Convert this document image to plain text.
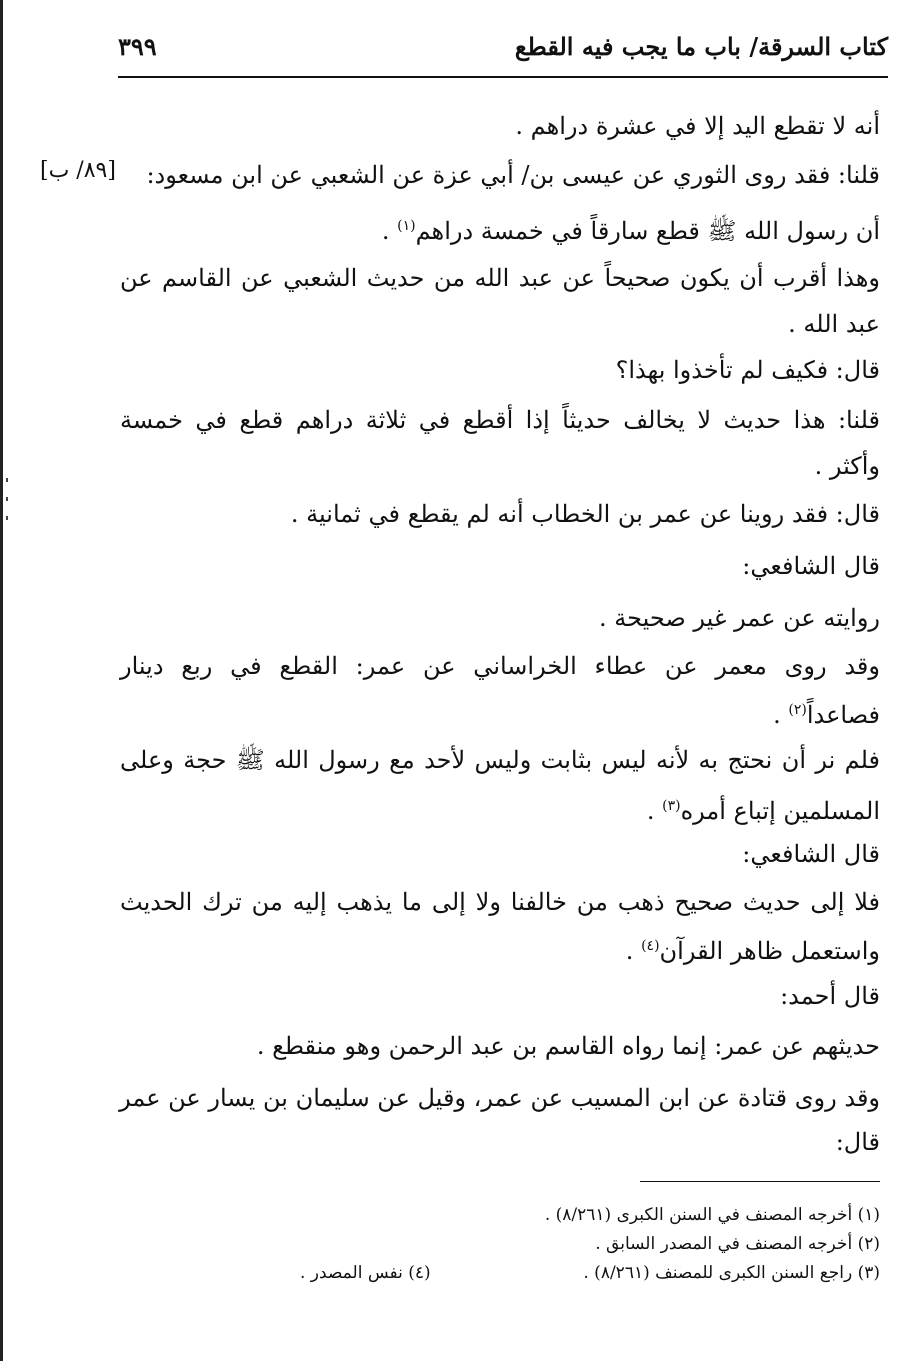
كتاب السرقة/ باب ما يجب فيه القطع
٣٩٩
[٨٩/ ب]
أنه لا تقطع اليد إلا في عشرة دراهم .
قلنا: فقد روى الثوري عن عيسى بن/ أبي عزة عن الشعبي عن ابن مسعود:
أن رسول الله ﷺ قطع سارقاً في خمسة دراهم$^{(١)}$ .
وهذا أقرب أن يكون صحيحاً عن عبد الله من حديث الشعبي عن القاسم عن
عبد الله .
قال: فكيف لم تأخذوا بهذا؟
قلنا: هذا حديث لا يخالف حديثاً إذا أقطع في ثلاثة دراهم قطع في خمسة
وأكثر .
قال: فقد روينا عن عمر بن الخطاب أنه لم يقطع في ثمانية .
قال الشافعي:
روايته عن عمر غير صحيحة .
وقد روى معمر عن عطاء الخراساني عن عمر: القطع في ربع دينار
فصاعداً$^{(٢)}$ .
فلم نر أن نحتج به لأنه ليس بثابت وليس لأحد مع رسول الله ﷺ حجة وعلى
المسلمين إتباع أمره$^{(٣)}$ .
قال الشافعي:
فلا إلى حديث صحيح ذهب من خالفنا ولا إلى ما يذهب إليه من ترك الحديث
واستعمل ظاهر القرآن$^{(٤)}$ .
قال أحمد:
حديثهم عن عمر: إنما رواه القاسم بن عبد الرحمن وهو منقطع .
وقد روى قتادة عن ابن المسيب عن عمر، وقيل عن سليمان بن يسار عن عمر
قال:
(١) أخرجه المصنف في السنن الكبرى (٨/٢٦١) .
(٢) أخرجه المصنف في المصدر السابق .
(٣) راجع السنن الكبرى للمصنف (٨/٢٦١) .
(٤) نفس المصدر .
